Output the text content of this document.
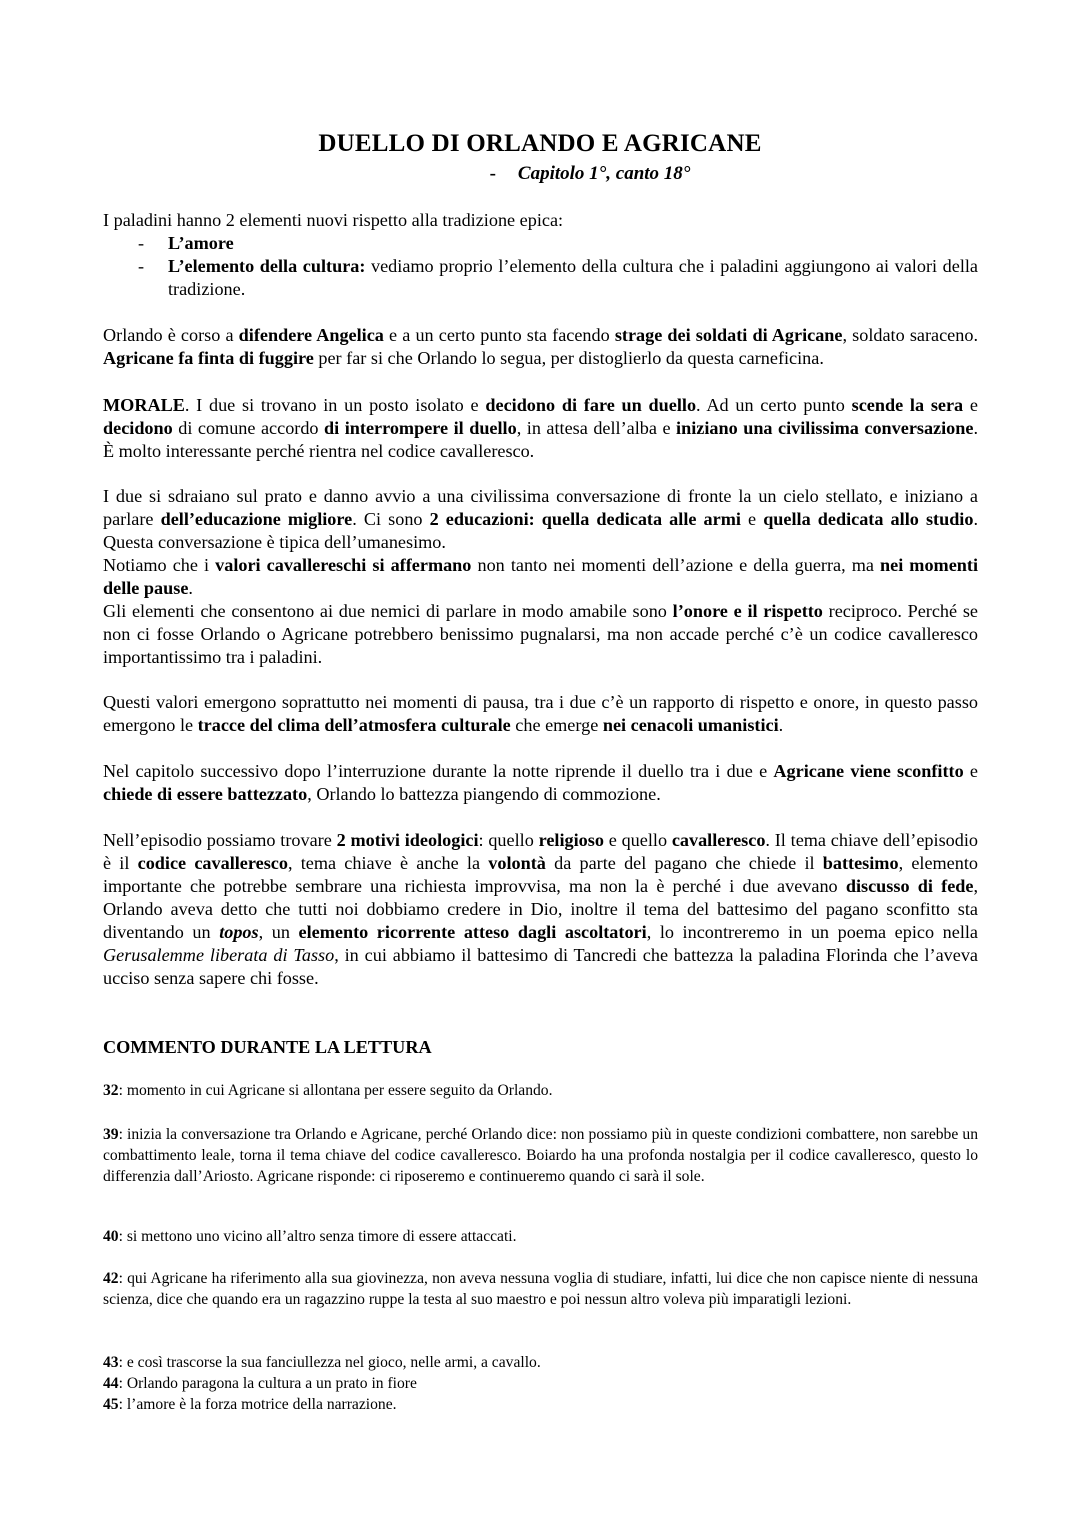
DUELLO DI ORLANDO E AGRICANE
- Capitolo 1°, canto 18°
I paladini hanno 2 elementi nuovi rispetto alla tradizione epica:
- L’amore
- L’elemento della cultura: vediamo proprio l’elemento della cultura che i paladini aggiungono ai valori della tradizione.

Orlando è corso a difendere Angelica e a un certo punto sta facendo strage dei soldati di Agricane, soldato saraceno. Agricane fa finta di fuggire per far si che Orlando lo segua, per distoglierlo da questa carneficina.

MORALE. I due si trovano in un posto isolato e decidono di fare un duello. Ad un certo punto scende la sera e decidono di comune accordo di interrompere il duello, in attesa dell’alba e iniziano una civilissima conversazione. È molto interessante perché rientra nel codice cavalleresco.

I due si sdraiano sul prato e danno avvio a una civilissima conversazione di fronte la un cielo stellato, e iniziano a parlare dell’educazione migliore. Ci sono 2 educazioni: quella dedicata alle armi e quella dedicata allo studio. Questa conversazione è tipica dell’umanesimo.

Notiamo che i valori cavallereschi si affermano non tanto nei momenti dell’azione e della guerra, ma nei momenti delle pause.

Gli elementi che consentono ai due nemici di parlare in modo amabile sono l’onore e il rispetto reciproco. Perché se non ci fosse Orlando o Agricane potrebbero benissimo pugnalarsi, ma non accade perché c’è un codice cavalleresco importantissimo tra i paladini.

Questi valori emergono soprattutto nei momenti di pausa, tra i due c’è un rapporto di rispetto e onore, in questo passo emergono le tracce del clima dell’atmosfera culturale che emerge nei cenacoli umanistici.

Nel capitolo successivo dopo l’interruzione durante la notte riprende il duello tra i due e Agricane viene sconfitto e chiede di essere battezzato, Orlando lo battezza piangendo di commozione.

Nell’episodio possiamo trovare 2 motivi ideologici: quello religioso e quello cavalleresco. Il tema chiave dell’episodio è il codice cavalleresco, tema chiave è anche la volontà da parte del pagano che chiede il battesimo, elemento importante che potrebbe sembrare una richiesta improvvisa, ma non la è perché i due avevano discusso di fede, Orlando aveva detto che tutti noi dobbiamo credere in Dio, inoltre il tema del battesimo del pagano sconfitto sta diventando un topos, un elemento ricorrente atteso dagli ascoltatori, lo incontreremo in un poema epico nella Gerusalemme liberata di Tasso, in cui abbiamo il battesimo di Tancredi che battezza la paladina Florinda che l’aveva ucciso senza sapere chi fosse.

COMMENTO DURANTE LA LETTURA

32: momento in cui Agricane si allontana per essere seguito da Orlando.

39: inizia la conversazione tra Orlando e Agricane, perché Orlando dice: non possiamo più in queste condizioni combattere, non sarebbe un combattimento leale, torna il tema chiave del codice cavalleresco. Boiardo ha una profonda nostalgia per il codice cavalleresco, questo lo differenzia dall’Ariosto. Agricane risponde: ci riposeremo e continueremo quando ci sarà il sole.

40: si mettono uno vicino all’altro senza timore di essere attaccati.

42: qui Agricane ha riferimento alla sua giovinezza, non aveva nessuna voglia di studiare, infatti, lui dice che non capisce niente di nessuna scienza, dice che quando era un ragazzino ruppe la testa al suo maestro e poi nessun altro voleva più imparatigli lezioni.

43: e così trascorse la sua fanciullezza nel gioco, nelle armi, a cavallo.

44: Orlando paragona la cultura a un prato in fiore

45: l’amore è la forza motrice della narrazione.
